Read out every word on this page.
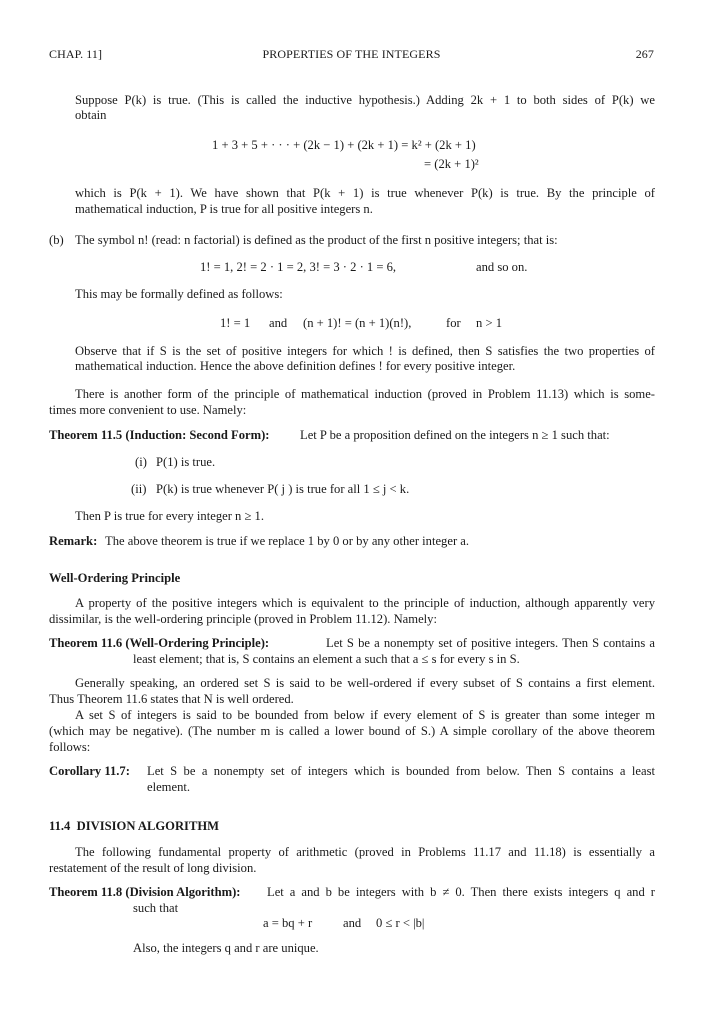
CHAP. 11]	PROPERTIES OF THE INTEGERS	267
Suppose P(k) is true. (This is called the inductive hypothesis.) Adding 2k + 1 to both sides of P(k) we
obtain
1 + 3 + 5 + · · · + (2k − 1) + (2k + 1) = k² + (2k + 1)
= (2k + 1)²
which is P(k + 1). We have shown that P(k + 1) is true whenever P(k) is true. By the principle of
mathematical induction, P is true for all positive integers n.
(b) The symbol n! (read: n factorial) is defined as the product of the first n positive integers; that is:
1! = 1, 2! = 2 · 1 = 2, 3! = 3 · 2 · 1 = 6,	and so on.
This may be formally defined as follows:
1! = 1 and (n + 1)! = (n + 1)(n!),	for n > 1
Observe that if S is the set of positive integers for which ! is defined, then S satisfies the two properties of
mathematical induction. Hence the above definition defines ! for every positive integer.
There is another form of the principle of mathematical induction (proved in Problem 11.13) which is some-
times more convenient to use. Namely:
Theorem 11.5 (Induction: Second Form): Let P be a proposition defined on the integers n ≥ 1 such that:
(i) P(1) is true.
(ii) P(k) is true whenever P( j ) is true for all 1 ≤ j < k.
Then P is true for every integer n ≥ 1.
Remark: The above theorem is true if we replace 1 by 0 or by any other integer a.
Well-Ordering Principle
A property of the positive integers which is equivalent to the principle of induction, although apparently very
dissimilar, is the well-ordering principle (proved in Problem 11.12). Namely:
Theorem 11.6 (Well-Ordering Principle):	Let S be a nonempty set of positive integers. Then S contains a
least element; that is, S contains an element a such that a ≤ s for every s in S.
Generally speaking, an ordered set S is said to be well-ordered if every subset of S contains a first element.
Thus Theorem 11.6 states that N is well ordered.
A set S of integers is said to be bounded from below if every element of S is greater than some integer m
(which may be negative). (The number m is called a lower bound of S.) A simple corollary of the above theorem
follows:
Corollary 11.7: Let S be a nonempty set of integers which is bounded from below. Then S contains a least
element.
11.4  DIVISION ALGORITHM
The following fundamental property of arithmetic (proved in Problems 11.17 and 11.18) is essentially a
restatement of the result of long division.
Theorem 11.8 (Division Algorithm): Let a and b be integers with b ≠ 0. Then there exists integers q and r
such that
a = bq + r and 0 ≤ r < |b|
Also, the integers q and r are unique.
